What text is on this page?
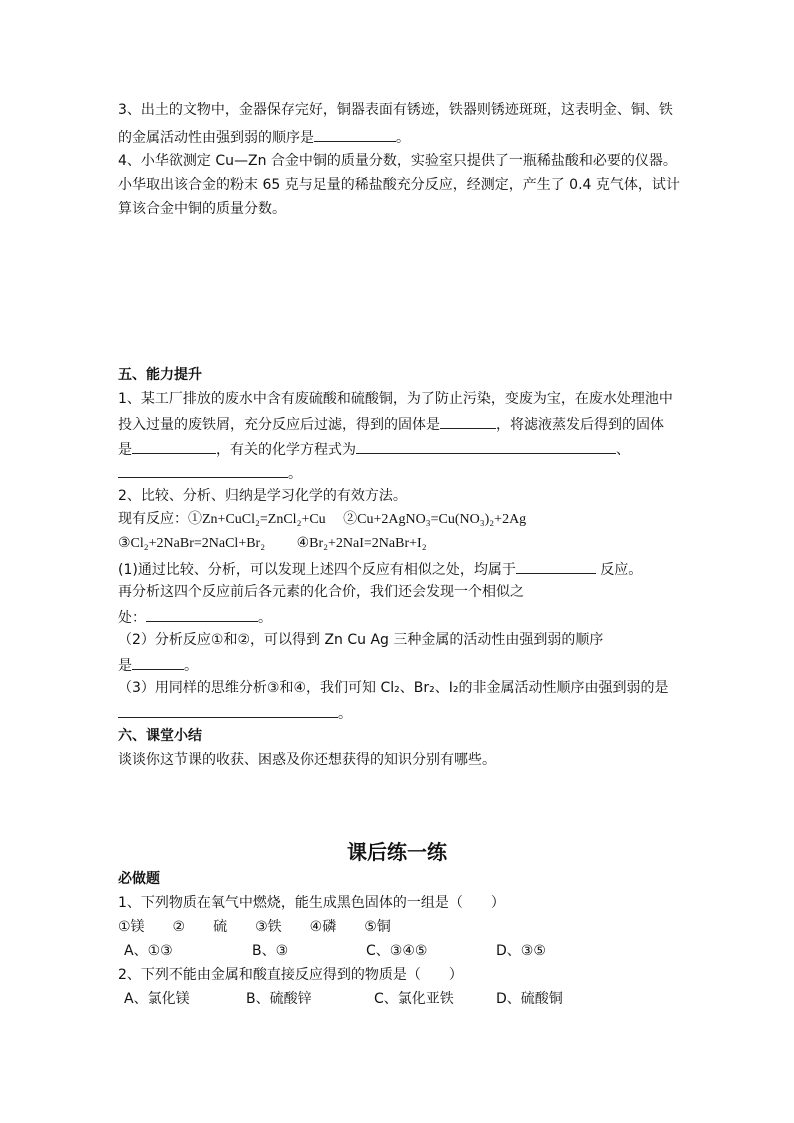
3、出土的文物中，金器保存完好，铜器表面有锈迹，铁器则锈迹斑斑，这表明金、铜、铁
的金属活动性由强到弱的顺序是	。
4、小华欲测定 Cu—Zn 合金中铜的质量分数，实验室只提供了一瓶稀盐酸和必要的仪器。
小华取出该合金的粉末 65 克与足量的稀盐酸充分反应，经测定，产生了 0.4 克气体，试计
算该合金中铜的质量分数。
五、能力提升
1、某工厂排放的废水中含有废硫酸和硫酸铜，为了防止污染，变废为宝，在废水处理池中
投入过量的废铁屑，充分反应后过滤，得到的固体是	，将滤液蒸发后得到的固体
是	，有关的化学方程式为	、
。
2、比较、分析、归纳是学习化学的有效方法。
现有反应：①Zn+CuCl₂=ZnCl₂+Cu　 ②Cu+2AgNO₃=Cu(NO₃)₂+2Ag
③Cl₂+2NaBr=2NaCl+Br₂　　 ④Br₂+2NaI=2NaBr+I₂
(1)通过比较、分析，可以发现上述四个反应有相似之处，均属于	反应。
再分析这四个反应前后各元素的化合价，我们还会发现一个相似之
处：	。
（2）分析反应①和②，可以得到 Zn Cu Ag 三种金属的活动性由强到弱的顺序
是	。
（3）用同样的思维分析③和④，我们可知 Cl₂、Br₂、I₂的非金属活动性顺序由强到弱的是
。
六、课堂小结
谈谈你这节课的收获、困惑及你还想获得的知识分别有哪些。
课后练一练
必做题
1、下列物质在氧气中燃烧，能生成黑色固体的一组是（　　）
①镁　　②　　硫　　③铁　　④磷　　⑤铜
A、①③	B、③	C、③④⑤	D、③⑤
2、下列不能由金属和酸直接反应得到的物质是（　　）
A、氯化镁	B、硫酸锌	C、氯化亚铁	D、硫酸铜
